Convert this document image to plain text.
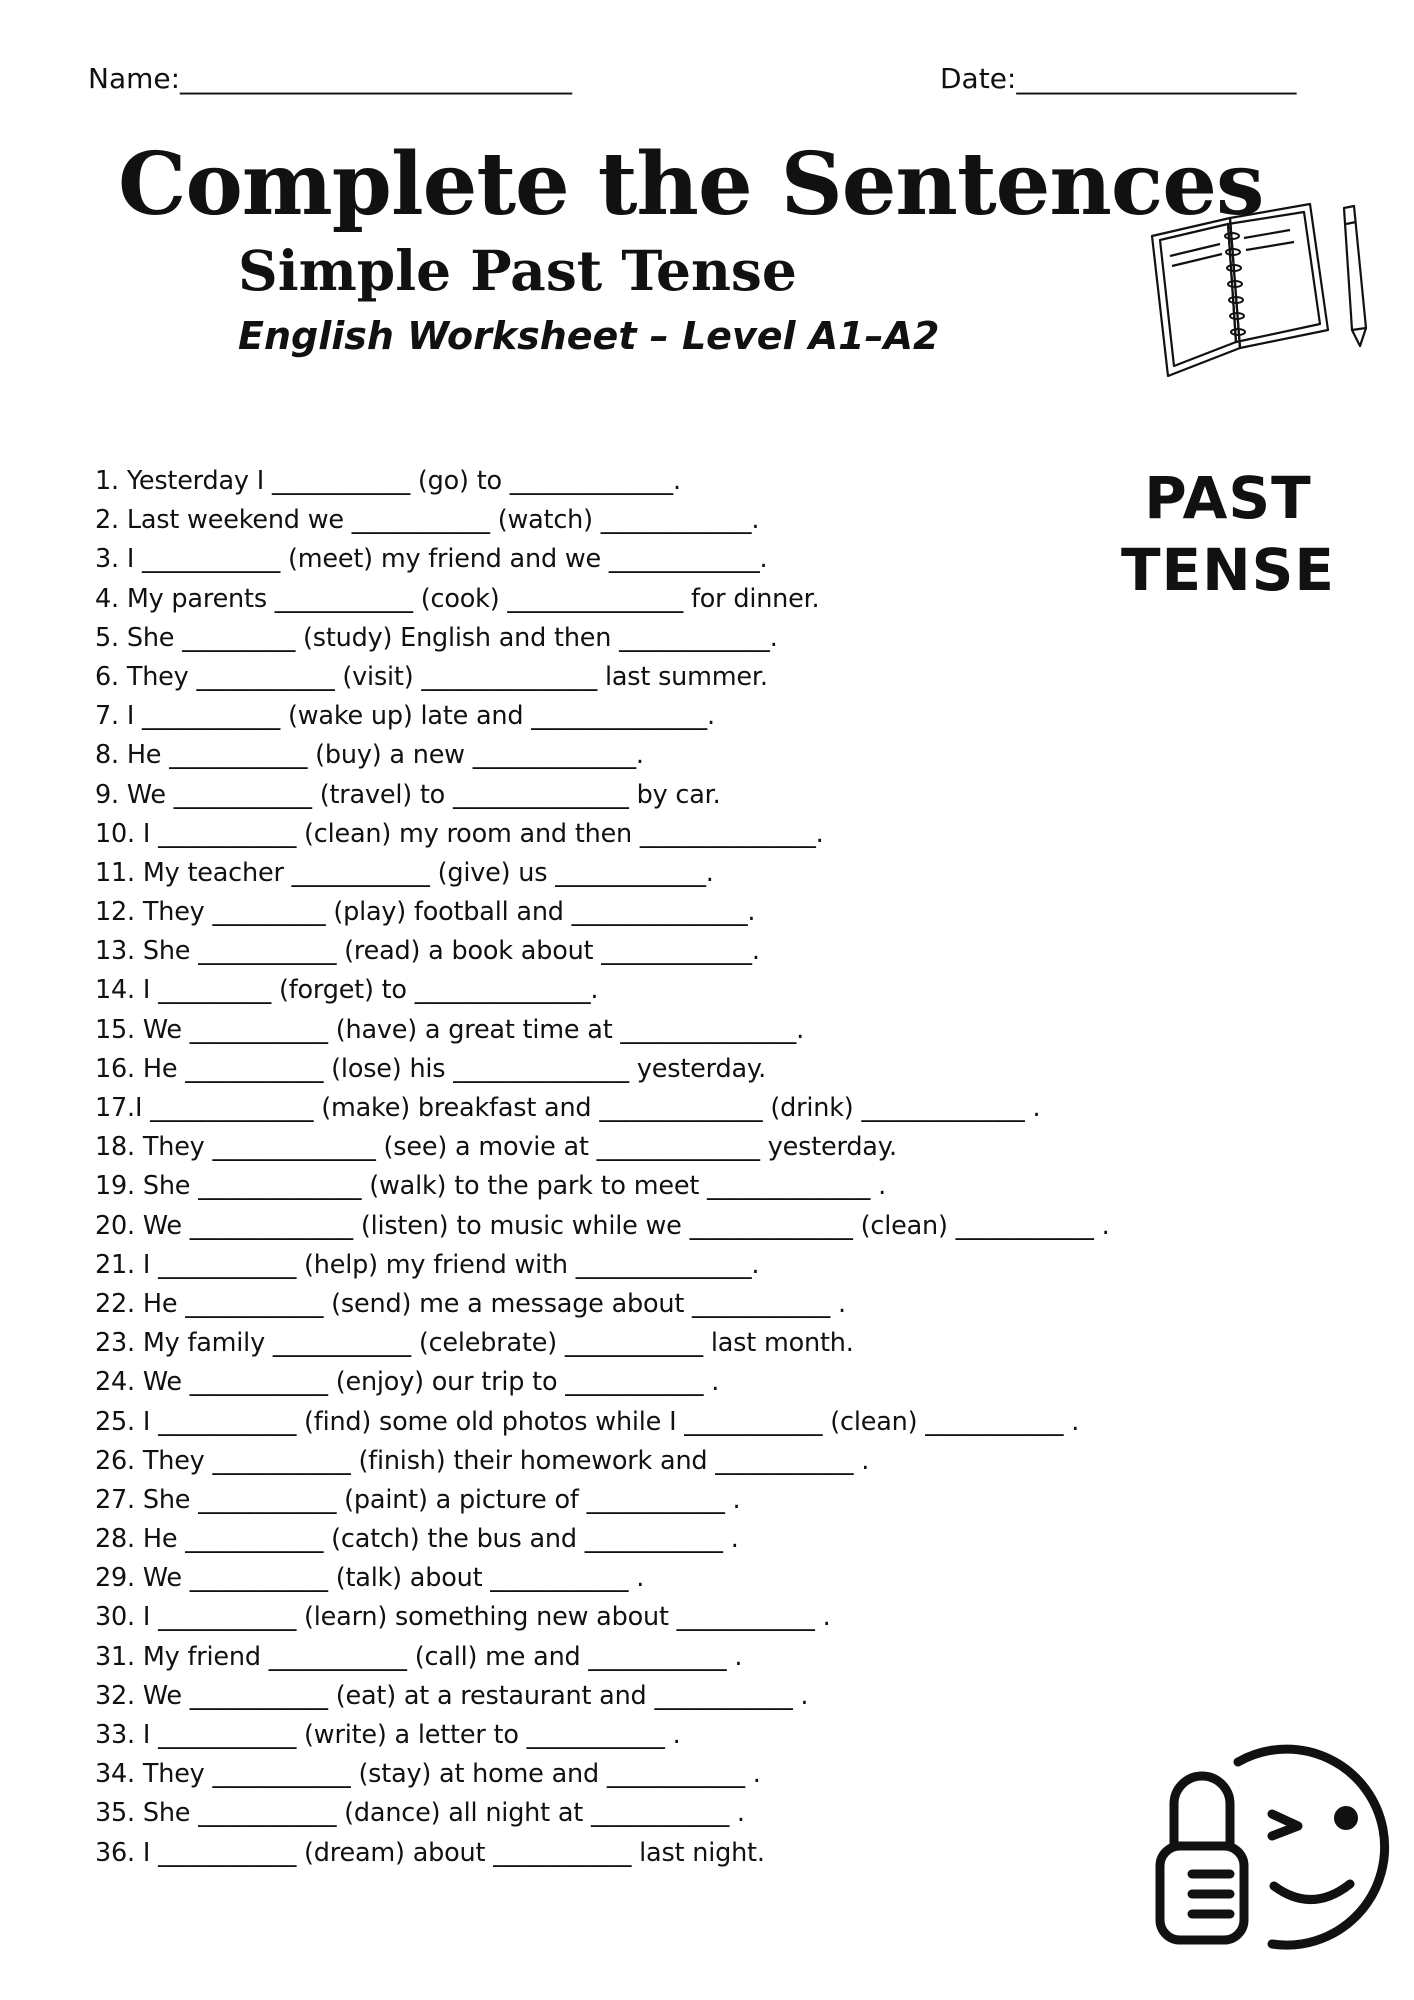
Name:____________________________	Date:____________________
Complete the Sentences
Simple Past Tense
English Worksheet – Level A1–A2
PAST
TENSE
1. Yesterday I ___________ (go) to _____________.
2. Last weekend we ___________ (watch) ____________.
3. I ___________ (meet) my friend and we ____________.
4. My parents ___________ (cook) ______________ for dinner.
5. She _________ (study) English and then ____________.
6. They ___________ (visit) ______________ last summer.
7. I ___________ (wake up) late and ______________.
8. He ___________ (buy) a new _____________.
9. We ___________ (travel) to ______________ by car.
10. I ___________ (clean) my room and then ______________.
11. My teacher ___________ (give) us ____________.
12. They _________ (play) football and ______________.
13. She ___________ (read) a book about ____________.
14. I _________ (forget) to ______________.
15. We ___________ (have) a great time at ______________.
16. He ___________ (lose) his ______________ yesterday.
17.I _____________ (make) breakfast and _____________ (drink) _____________ .
18. They _____________ (see) a movie at _____________ yesterday.
19. She _____________ (walk) to the park to meet _____________ .
20. We _____________ (listen) to music while we _____________ (clean) ___________ .
21. I ___________ (help) my friend with ______________.
22. He ___________ (send) me a message about ___________ .
23. My family ___________ (celebrate) ___________ last month.
24. We ___________ (enjoy) our trip to ___________ .
25. I ___________ (find) some old photos while I ___________ (clean) ___________ .
26. They ___________ (finish) their homework and ___________ .
27. She ___________ (paint) a picture of ___________ .
28. He ___________ (catch) the bus and ___________ .
29. We ___________ (talk) about ___________ .
30. I ___________ (learn) something new about ___________ .
31. My friend ___________ (call) me and ___________ .
32. We ___________ (eat) at a restaurant and ___________ .
33. I ___________ (write) a letter to ___________ .
34. They ___________ (stay) at home and ___________ .
35. She ___________ (dance) all night at ___________ .
36. I ___________ (dream) about ___________ last night.
